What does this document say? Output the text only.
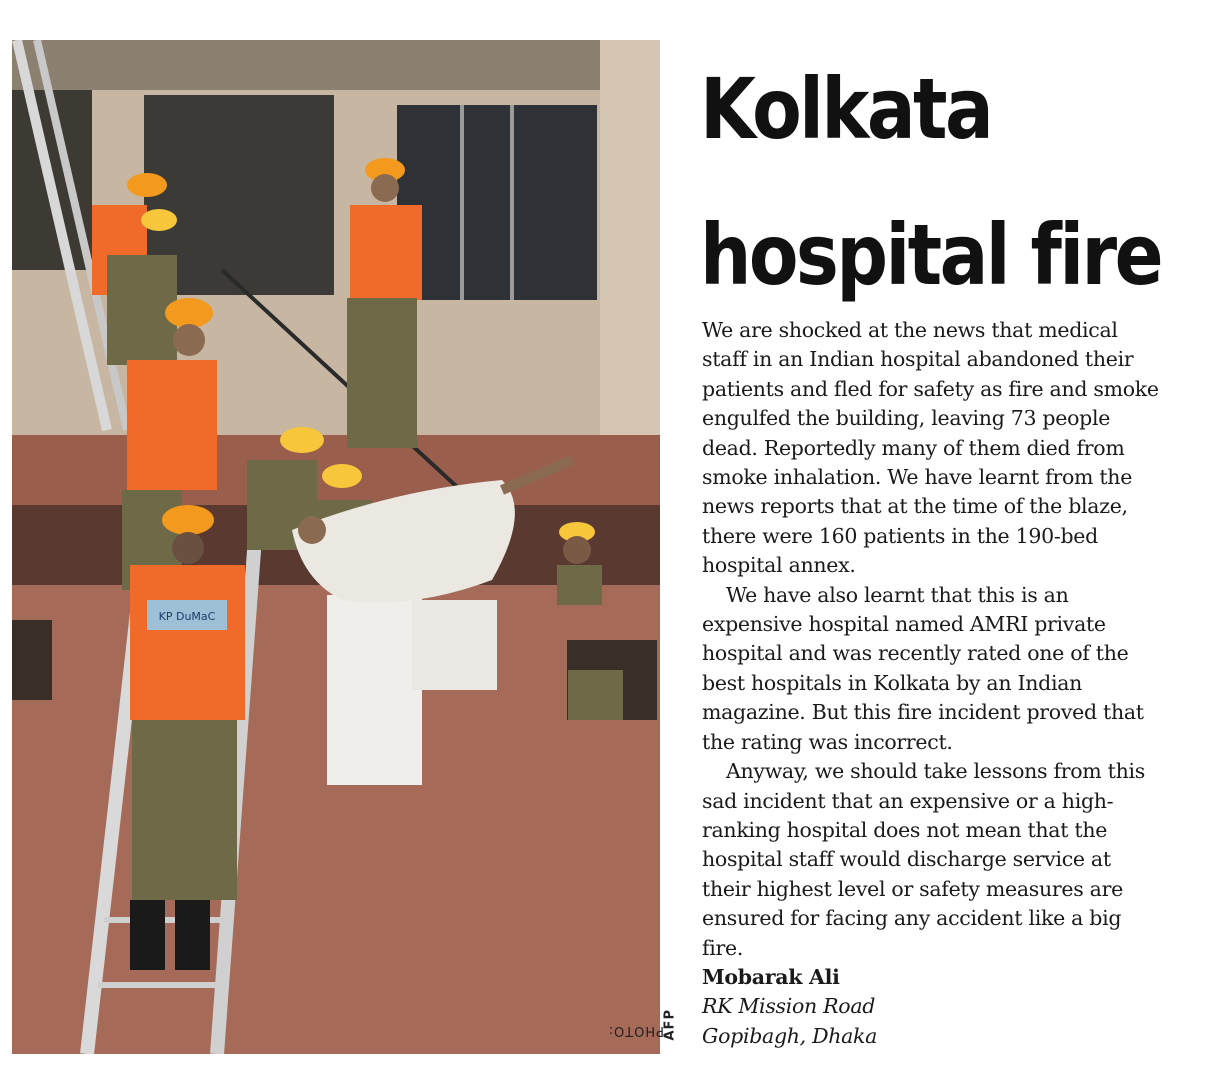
KP DuMaC
PHOTO:
AFP
Kolkata
hospital fire

We are shocked at the news that medical staff in an Indian hospital abandoned their patients and fled for safety as fire and smoke engulfed the building, leaving 73 people dead. Reportedly many of them died from smoke inhalation. We have learnt from the news reports that at the time of the blaze, there were 160 patients in the 190-bed hospital annex.

We have also learnt that this is an expensive hospital named AMRI private hospital and was recently rated one of the best hospitals in Kolkata by an Indian magazine. But this fire incident proved that the rating was incorrect.

Anyway, we should take lessons from this sad incident that an expensive or a high-ranking hospital does not mean that the hospital staff would discharge service at their highest level or safety measures are ensured for facing any accident like a big fire.

Mobarak Ali
RK Mission Road
Gopibagh, Dhaka
